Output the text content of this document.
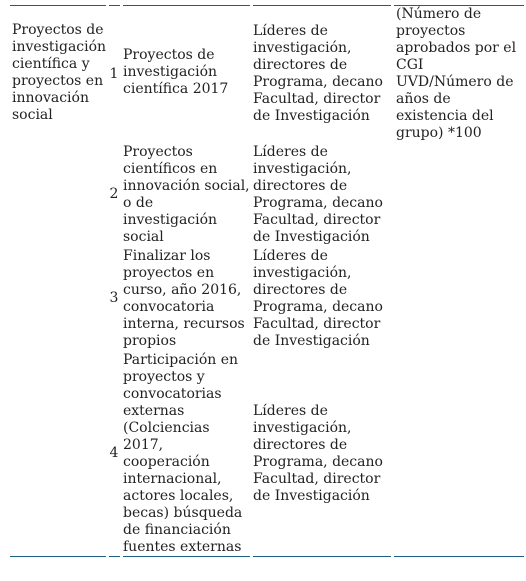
Proyectos de
investigación
científica y
proyectos en
innovación
social

(Número de
proyectos
aprobados por el
CGI
UVD/Número de
años de
existencia del
grupo) *100

1

Proyectos de
investigación
científica 2017

Líderes de
investigación,
directores de
Programa, decano
Facultad, director
de Investigación

2

Proyectos
científicos en
innovación social,
o de
investigación
social

Líderes de
investigación,
directores de
Programa, decano
Facultad, director
de Investigación

3

Finalizar los
proyectos en
curso, año 2016,
convocatoria
interna, recursos
propios

Líderes de
investigación,
directores de
Programa, decano
Facultad, director
de Investigación

4

Participación en
proyectos y
convocatorias
externas
(Colciencias
2017,
cooperación
internacional,
actores locales,
becas) búsqueda
de financiación
fuentes externas

Líderes de
investigación,
directores de
Programa, decano
Facultad, director
de Investigación
